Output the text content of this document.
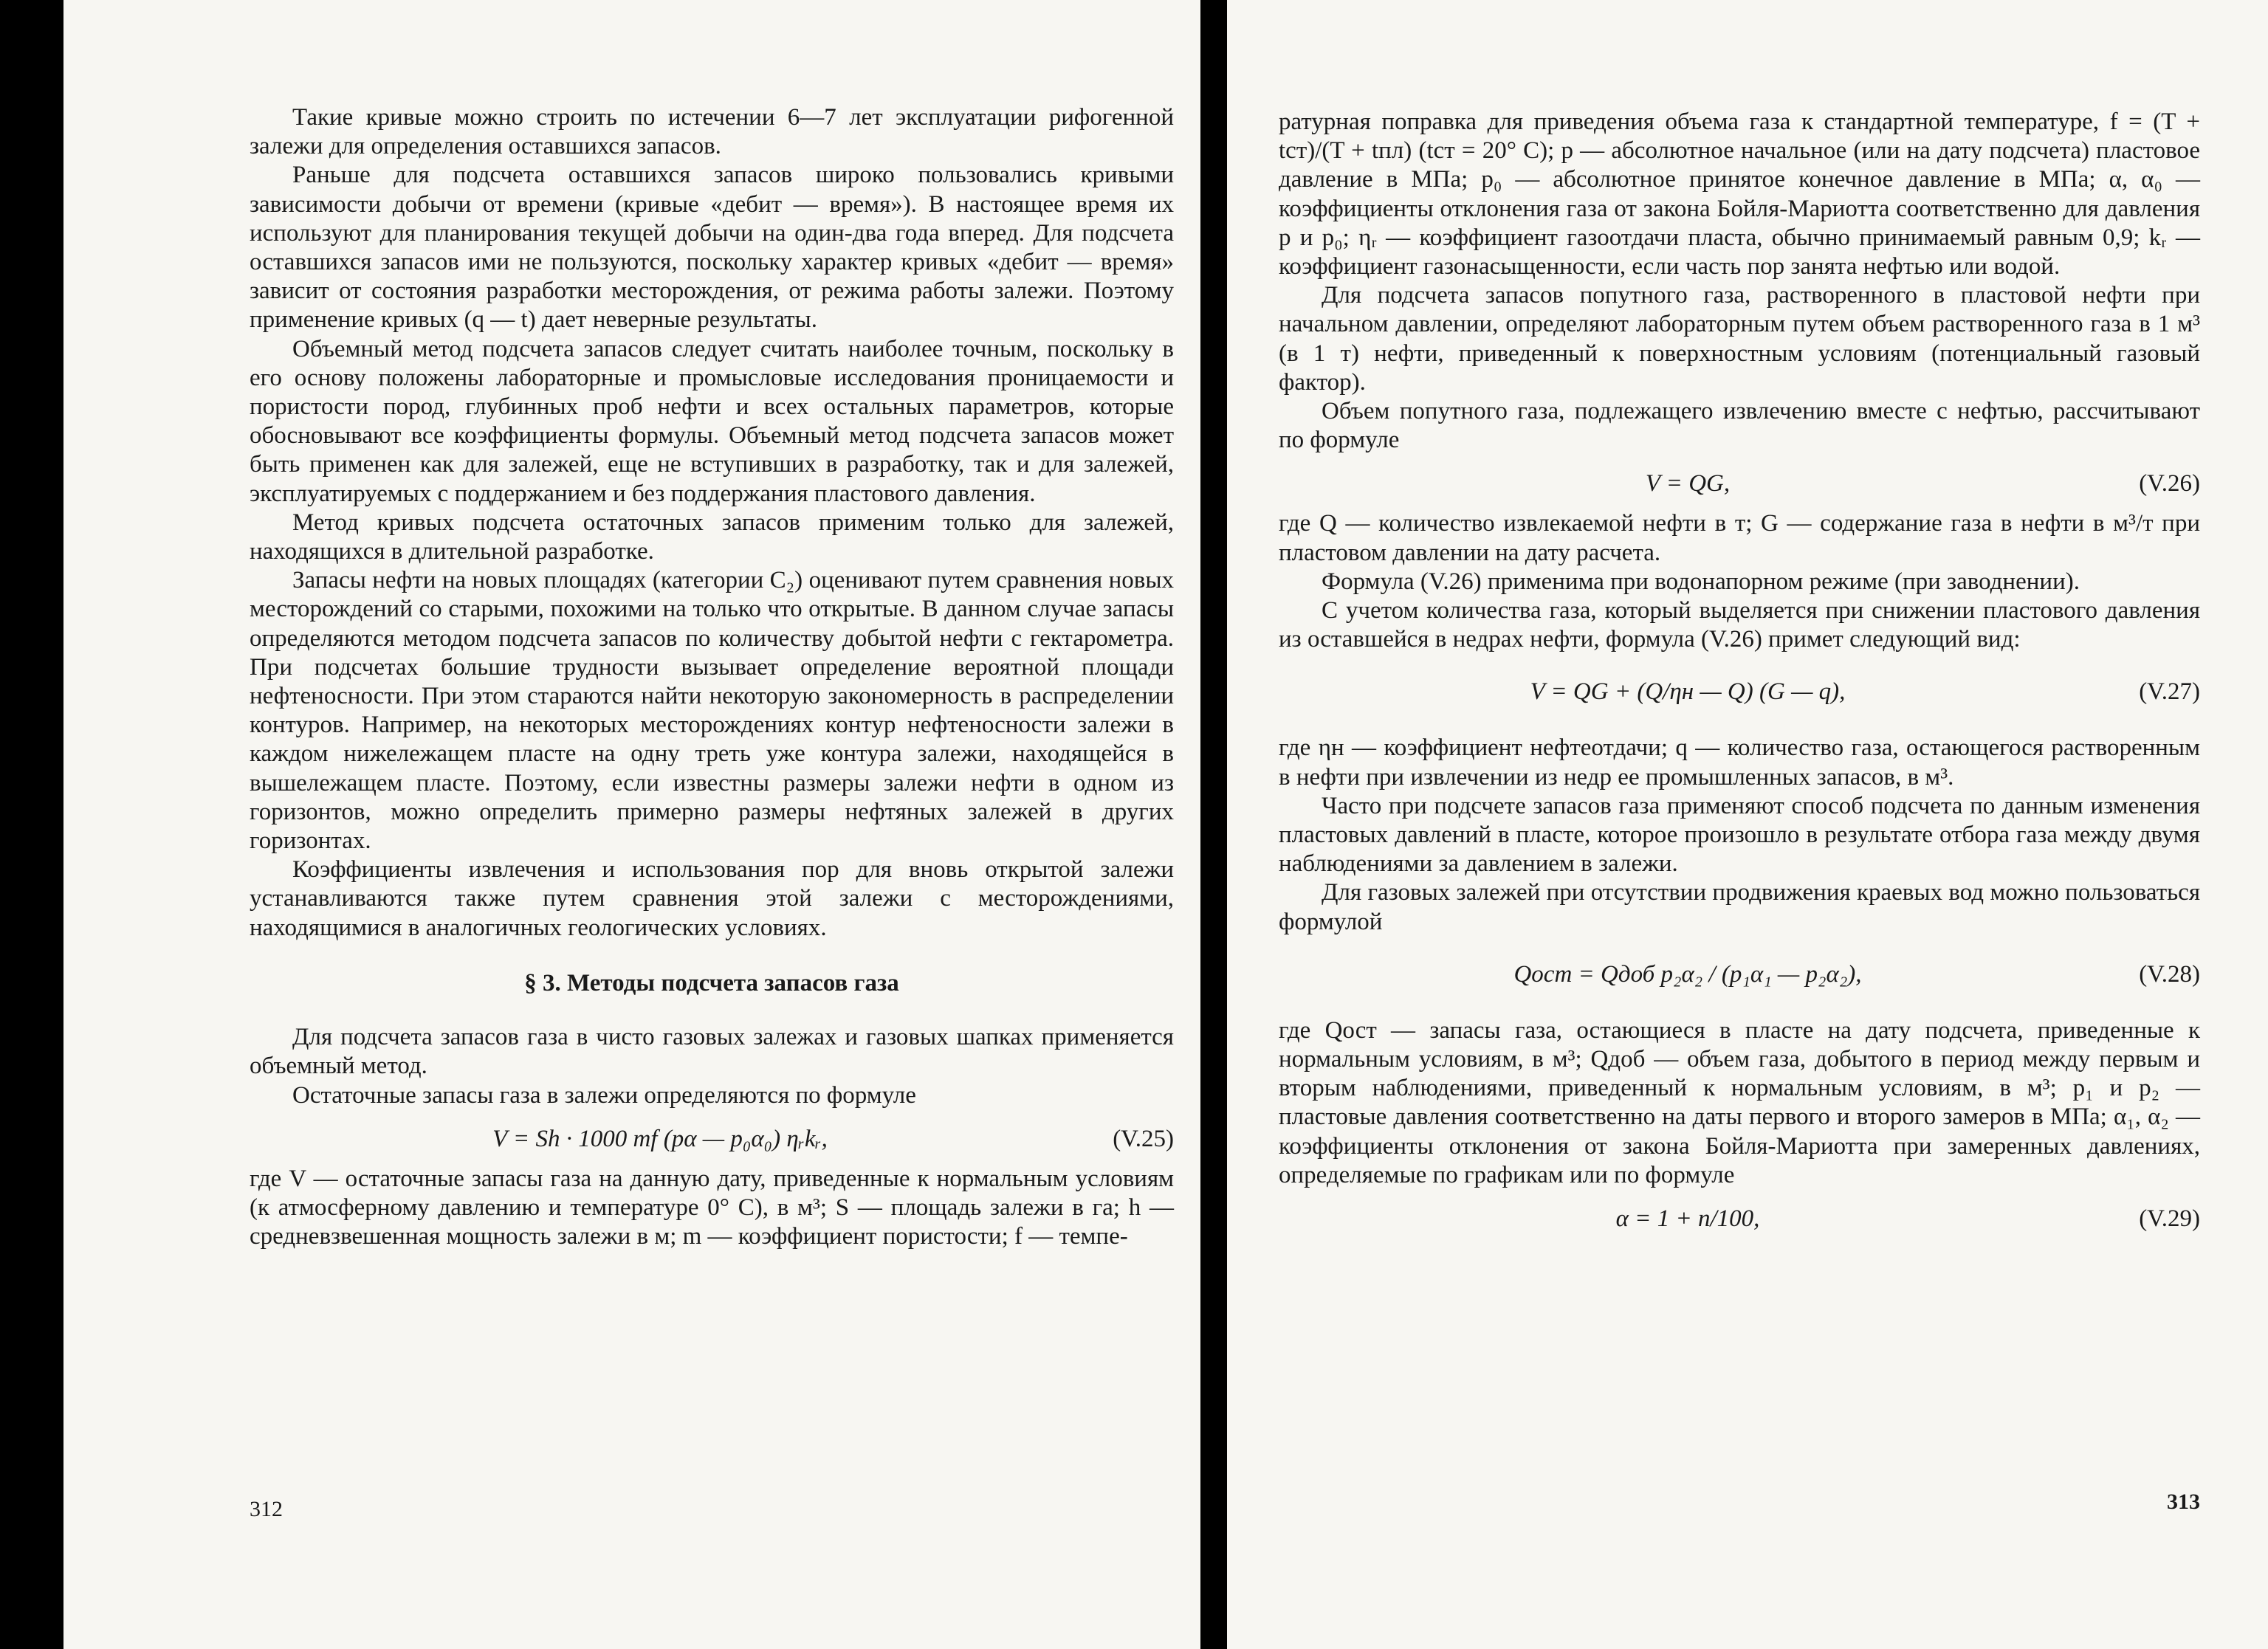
Такие кривые можно строить по истечении 6—7 лет эксплуатации рифогенной залежи для определения оставшихся запасов.

Раньше для подсчета оставшихся запасов широко пользовались кривыми зависимости добычи от времени (кривые «дебит — время»). В настоящее время их используют для планирования текущей добычи на один-два года вперед. Для подсчета оставшихся запасов ими не пользуются, поскольку характер кривых «дебит — время» зависит от состояния разработки месторождения, от режима работы залежи. Поэтому применение кривых (q — t) дает неверные результаты.

Объемный метод подсчета запасов следует считать наиболее точным, поскольку в его основу положены лабораторные и промысловые исследования проницаемости и пористости пород, глубинных проб нефти и всех остальных параметров, которые обосновывают все коэффициенты формулы. Объемный метод подсчета запасов может быть применен как для залежей, еще не вступивших в разработку, так и для залежей, эксплуатируемых с поддержанием и без поддержания пластового давления.

Метод кривых подсчета остаточных запасов применим только для залежей, находящихся в длительной разработке.

Запасы нефти на новых площадях (категории C₂) оценивают путем сравнения новых месторождений со старыми, похожими на только что открытые. В данном случае запасы определяются методом подсчета запасов по количеству добытой нефти с гектарометра. При подсчетах большие трудности вызывает определение вероятной площади нефтеносности. При этом стараются найти некоторую закономерность в распределении контуров. Например, на некоторых месторождениях контур нефтеносности залежи в каждом нижележащем пласте на одну треть уже контура залежи, находящейся в вышележащем пласте. Поэтому, если известны размеры залежи нефти в одном из горизонтов, можно определить примерно размеры нефтяных залежей в других горизонтах.

Коэффициенты извлечения и использования пор для вновь открытой залежи устанавливаются также путем сравнения этой залежи с месторождениями, находящимися в аналогичных геологических условиях.

§ 3. Методы подсчета запасов газа

Для подсчета запасов газа в чисто газовых залежах и газовых шапках применяется объемный метод.

Остаточные запасы газа в залежи определяются по формуле

V = Sh · 1000 mf (pα — p₀α₀) ηᵣkᵣ,	(V.25)

где V — остаточные запасы газа на данную дату, приведенные к нормальным условиям (к атмосферному давлению и температуре 0° C), в м³; S — площадь залежи в га; h — средневзвешенная мощность залежи в м; m — коэффициент пористости; f — темпе-

312

ратурная поправка для приведения объема газа к стандартной температуре, f = (T + tст)/(T + tпл) (tст = 20° C); p — абсолютное начальное (или на дату подсчета) пластовое давление в МПа; p₀ — абсолютное принятое конечное давление в МПа; α, α₀ — коэффициенты отклонения газа от закона Бойля-Мариотта соответственно для давления p и p₀; ηᵣ — коэффициент газоотдачи пласта, обычно принимаемый равным 0,9; kᵣ — коэффициент газонасыщенности, если часть пор занята нефтью или водой.

Для подсчета запасов попутного газа, растворенного в пластовой нефти при начальном давлении, определяют лабораторным путем объем растворенного газа в 1 м³ (в 1 т) нефти, приведенный к поверхностным условиям (потенциальный газовый фактор).

Объем попутного газа, подлежащего извлечению вместе с нефтью, рассчитывают по формуле

V = QG,	(V.26)

где Q — количество извлекаемой нефти в т; G — содержание газа в нефти в м³/т при пластовом давлении на дату расчета.

Формула (V.26) применима при водонапорном режиме (при заводнении).

С учетом количества газа, который выделяется при снижении пластового давления из оставшейся в недрах нефти, формула (V.26) примет следующий вид:

V = QG + (Q/ηн — Q) (G — q),	(V.27)

где ηн — коэффициент нефтеотдачи; q — количество газа, остающегося растворенным в нефти при извлечении из недр ее промышленных запасов, в м³.

Часто при подсчете запасов газа применяют способ подсчета по данным изменения пластовых давлений в пласте, которое произошло в результате отбора газа между двумя наблюдениями за давлением в залежи.

Для газовых залежей при отсутствии продвижения краевых вод можно пользоваться формулой

Qост = Qдоб p₂α₂ / (p₁α₁ — p₂α₂),	(V.28)

где Qост — запасы газа, остающиеся в пласте на дату подсчета, приведенные к нормальным условиям, в м³; Qдоб — объем газа, добытого в период между первым и вторым наблюдениями, приведенный к нормальным условиям, в м³; p₁ и p₂ — пластовые давления соответственно на даты первого и второго замеров в МПа; α₁, α₂ — коэффициенты отклонения от закона Бойля-Мариотта при замеренных давлениях, определяемые по графикам или по формуле

α = 1 + n/100,	(V.29)
313
